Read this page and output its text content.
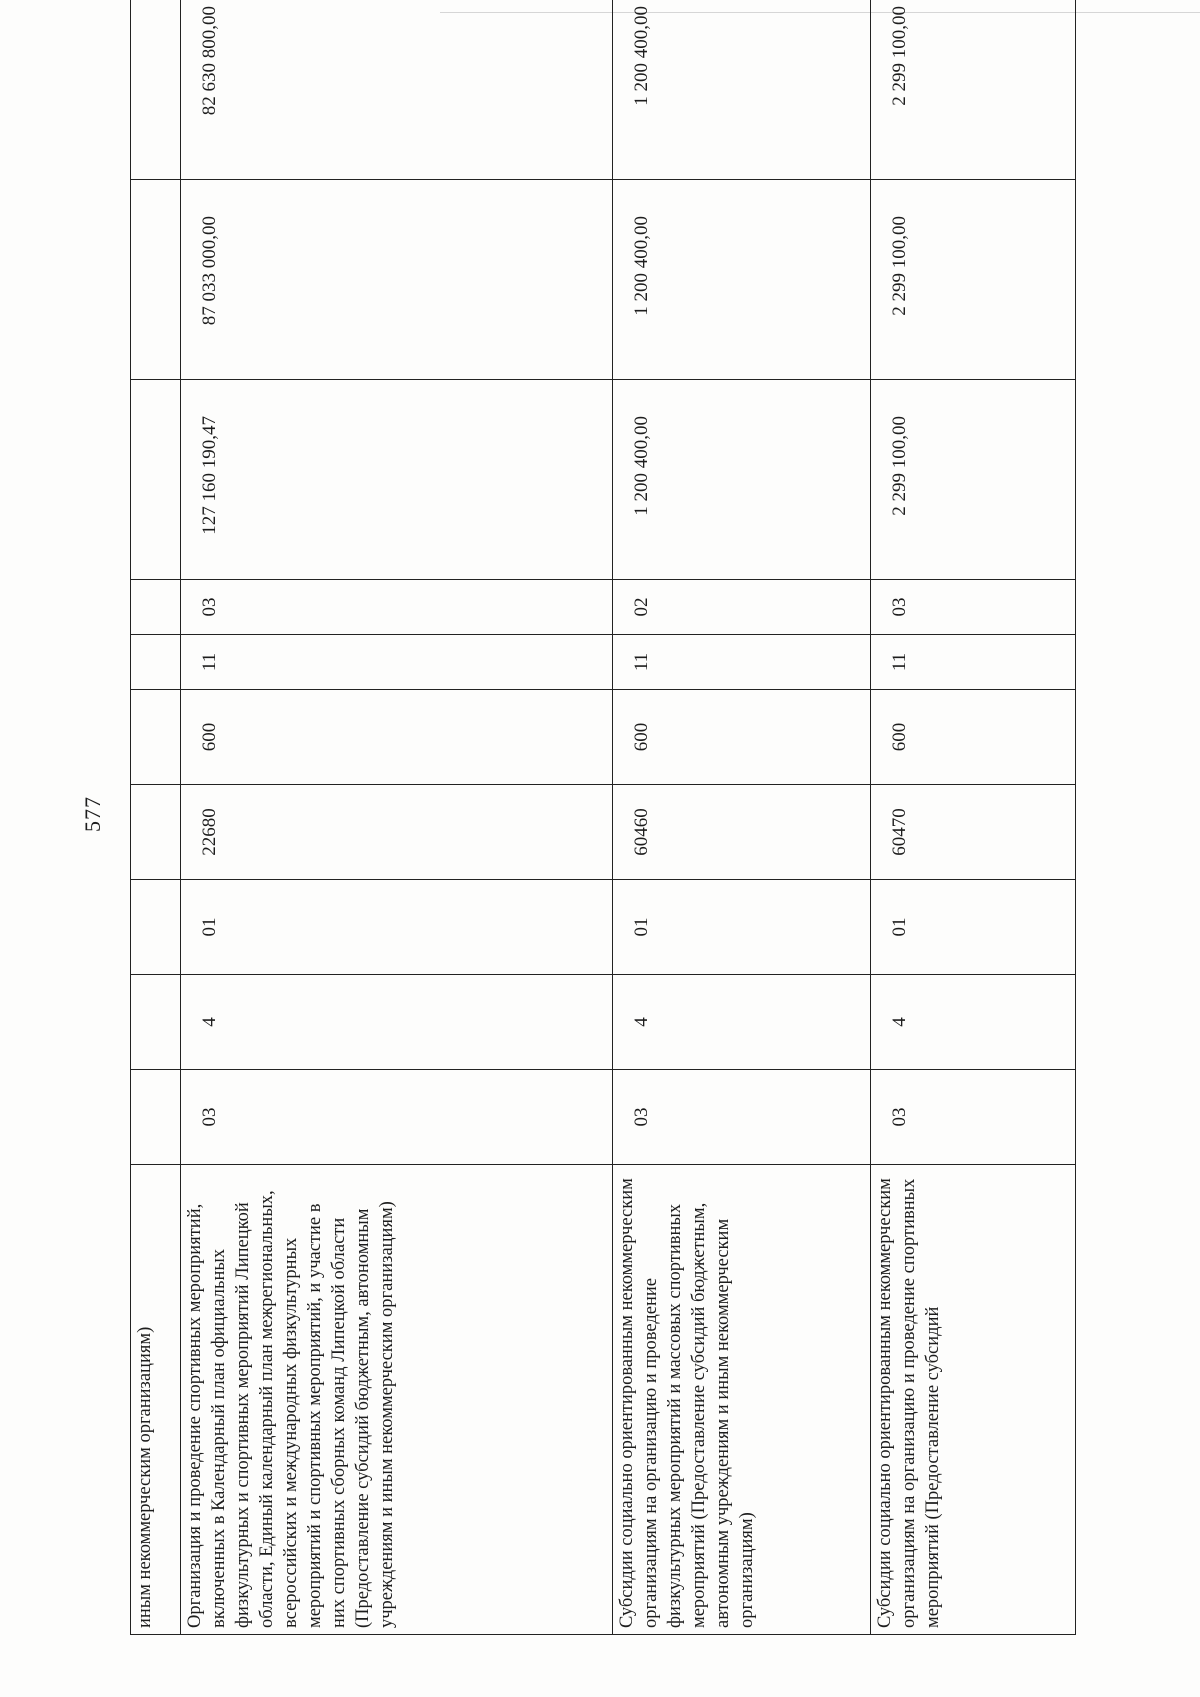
577
иным некоммерческим организациям)										
Организация и проведение спортивных мероприятий, включенных в Календарный план официальных физкультурных и спортивных мероприятий Липецкой области, Единый календарный план межрегиональных, всероссийских и международных физкультурных мероприятий и спортивных мероприятий, и участие в них спортивных сборных команд Липецкой области (Предоставление субсидий бюджетным, автономным учреждениям и иным некоммерческим организациям)	03	4	01	22680	600	11	03	127 160 190,47	87 033 000,00	82 630 800,00
Субсидии социально ориентированным некоммерческим организациям на организацию и проведение физкультурных мероприятий и массовых спортивных мероприятий (Предоставление субсидий бюджетным, автономным учреждениям и иным некоммерческим организациям)	03	4	01	60460	600	11	02	1 200 400,00	1 200 400,00	1 200 400,00
Субсидии социально ориентированным некоммерческим организациям на организацию и проведение спортивных мероприятий (Предоставление субсидий	03	4	01	60470	600	11	03	2 299 100,00	2 299 100,00	2 299 100,00
